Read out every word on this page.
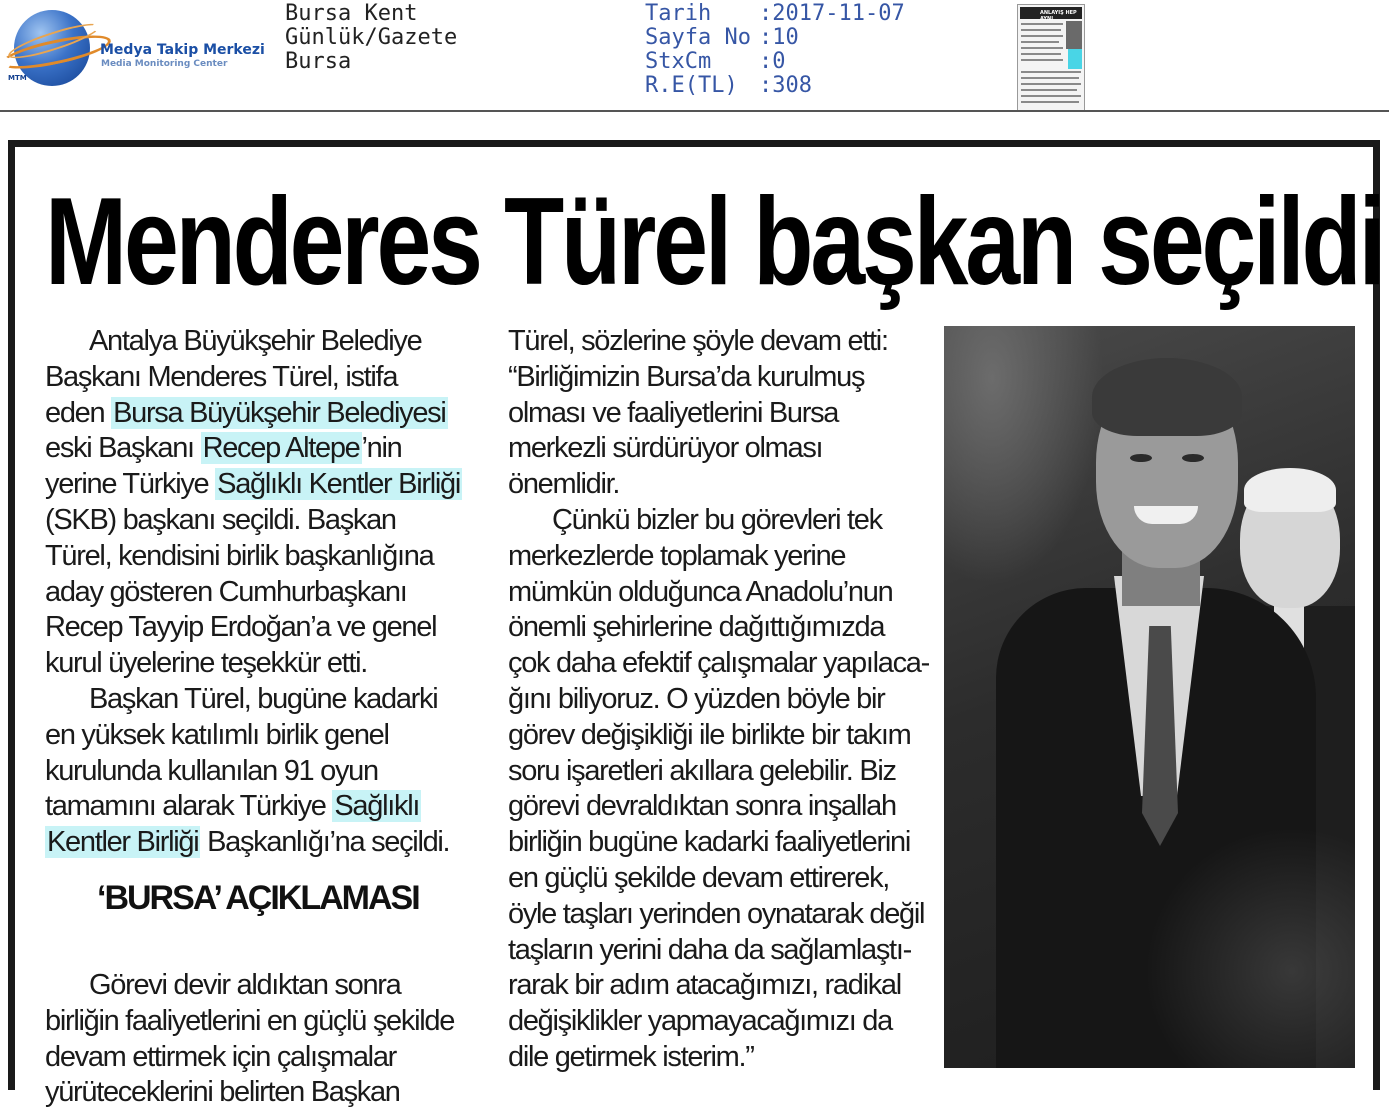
MTM
Medya Takip Merkezi
Media Monitoring Center
Bursa Kent
Günlük/Gazete
Bursa
Tarih	:2017-11-07
Sayfa No :10
StxCm	:0
R.E(TL) :308
ANLAYIŞ HEP AYNI
Menderes Türel başkan seçildi

Antalya Büyükşehir Belediye

Başkanı Menderes Türel, istifa

eden Bursa Büyükşehir Belediyesi

eski Başkanı Recep Altepe’nin

yerine Türkiye Sağlıklı Kentler Birliği

(SKB) başkanı seçildi. Başkan

Türel, kendisini birlik başkanlığına

aday gösteren Cumhurbaşkanı

Recep Tayyip Erdoğan’a ve genel

kurul üyelerine teşekkür etti.

Başkan Türel, bugüne kadarki

en yüksek katılımlı birlik genel

kurulunda kullanılan 91 oyun

tamamını alarak Türkiye Sağlıklı

Kentler Birliği Başkanlığı’na seçildi.

Görevi devir aldıktan sonra

birliğin faaliyetlerini en güçlü şekilde

devam ettirmek için çalışmalar

yürüteceklerini belirten Başkan

‘BURSA’ AÇIKLAMASI

Türel, sözlerine şöyle devam etti:

“Birliğimizin Bursa’da kurulmuş

olması ve faaliyetlerini Bursa

merkezli sürdürüyor olması

önemlidir.

Çünkü bizler bu görevleri tek

merkezlerde toplamak yerine

mümkün olduğunca Anadolu’nun

önemli şehirlerine dağıttığımızda

çok daha efektif çalışmalar yapılaca-

ğını biliyoruz. O yüzden böyle bir

görev değişikliği ile birlikte bir takım

soru işaretleri akıllara gelebilir. Biz

görevi devraldıktan sonra inşallah

birliğin bugüne kadarki faaliyetlerini

en güçlü şekilde devam ettirerek,

öyle taşları yerinden oynatarak değil

taşların yerini daha da sağlamlaştı-

rarak bir adım atacağımızı, radikal

değişiklikler yapmayacağımızı da

dile getirmek isterim.”
